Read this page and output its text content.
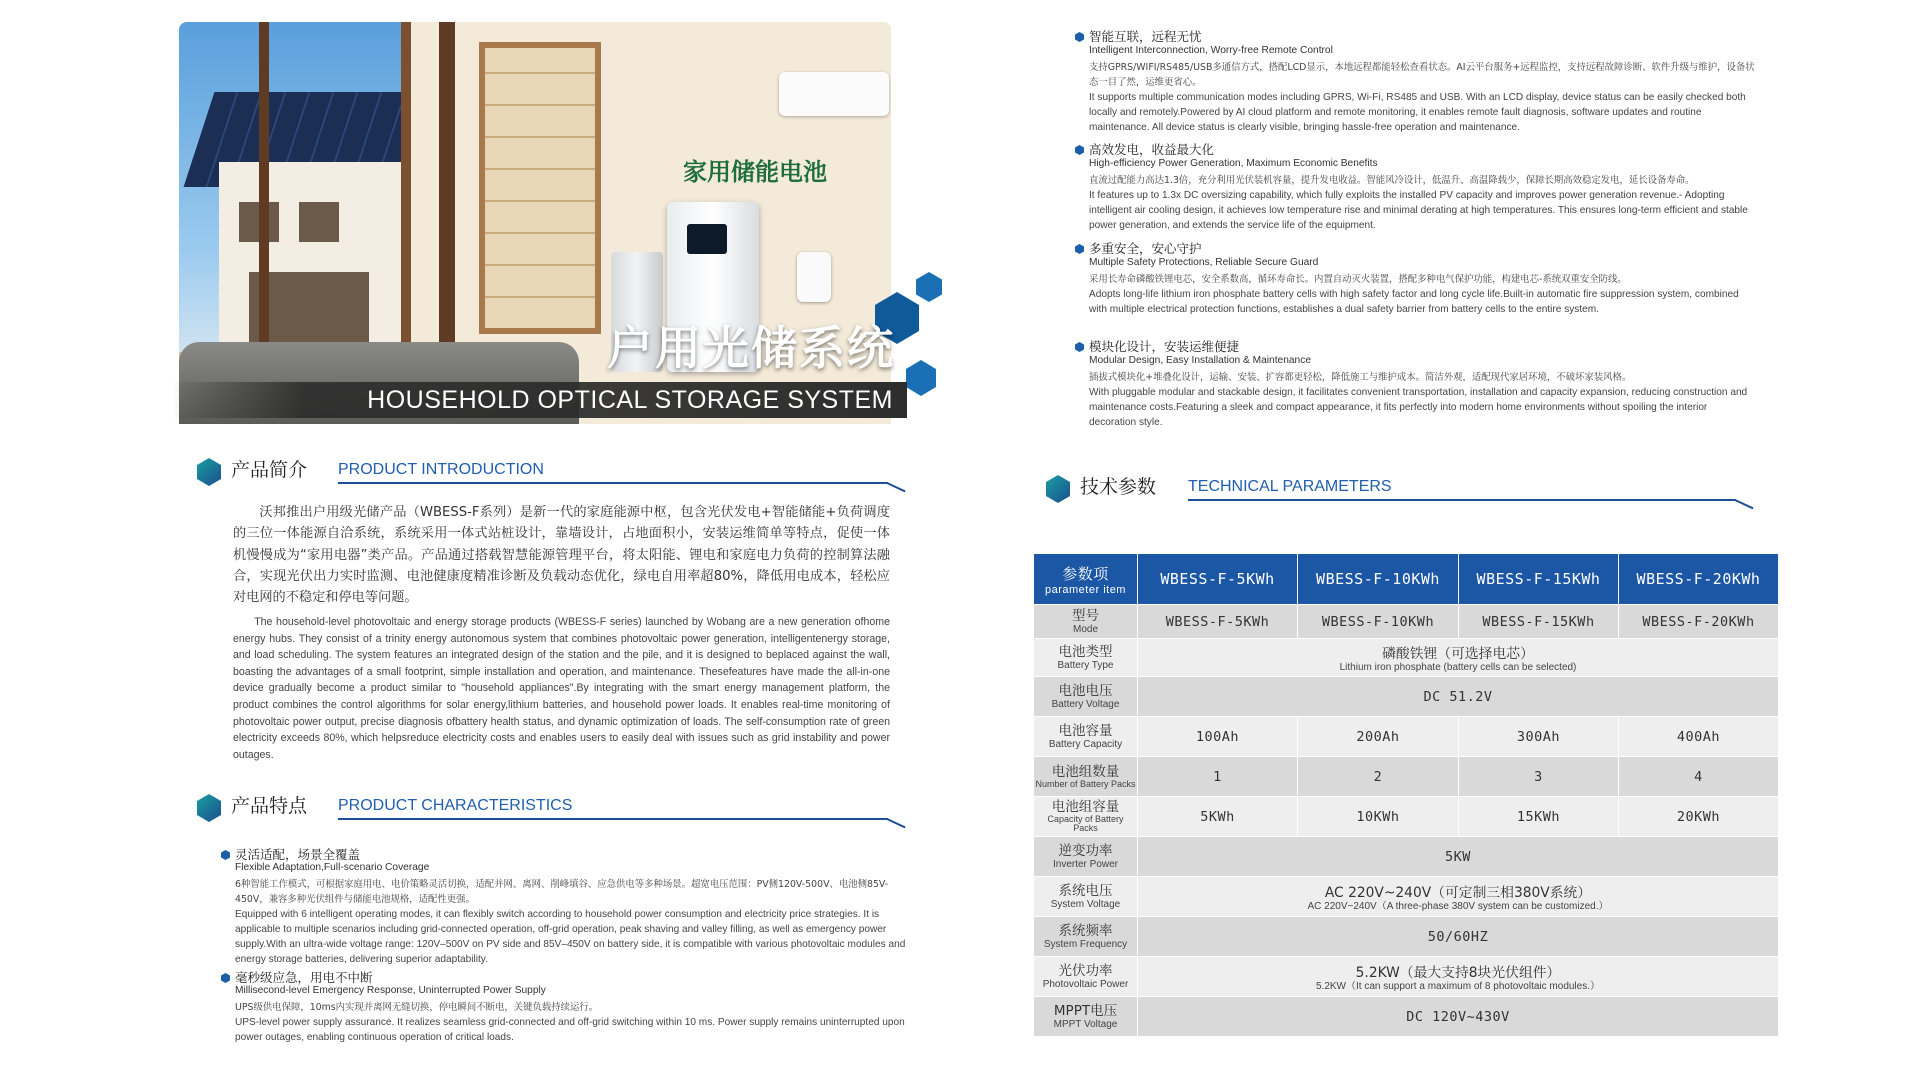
家用储能电池
户用光储系统
HOUSEHOLD OPTICAL STORAGE SYSTEM
产品简介 PRODUCT INTRODUCTION
沃邦推出户用级光储产品（WBESS-F系列）是新一代的家庭能源中枢，包含光伏发电+智能储能+负荷调度的三位一体能源自洽系统，系统采用一体式站桩设计，靠墙设计，占地面积小，安装运维简单等特点，促使一体机慢慢成为“家用电器”类产品。产品通过搭载智慧能源管理平台，将太阳能、锂电和家庭电力负荷的控制算法融合，实现光伏出力实时监测、电池健康度精准诊断及负载动态优化，绿电自用率超80%，降低用电成本，轻松应对电网的不稳定和停电等问题。
The household-level photovoltaic and energy storage products (WBESS-F series) launched by Wobang are a new generation ofhome energy hubs. They consist of a trinity energy autonomous system that combines photovoltaic power generation, intelligentenergy storage, and load scheduling. The system features an integrated design of the station and the pile, and it is designed to beplaced against the wall, boasting the advantages of a small footprint, simple installation and operation, and maintenance. Thesefeatures have made the all-in-one device gradually become a product similar to "household appliances".By integrating with the smart energy management platform, the product combines the control algorithms for solar energy,lithium batteries, and household power loads. It enables real-time monitoring of photovoltaic power output, precise diagnosis ofbattery health status, and dynamic optimization of loads. The self-consumption rate of green electricity exceeds 80%, which helpsreduce electricity costs and enables users to easily deal with issues such as grid instability and power outages.
产品特点 PRODUCT CHARACTERISTICS
灵活适配，场景全覆盖
Flexible Adaptation,Full-scenario Coverage
6种智能工作模式，可根据家庭用电、电价策略灵活切换，适配并网、离网、削峰填谷、应急供电等多种场景。超宽电压范围：PV侧120V-500V、电池侧85V-450V，兼容多种光伏组件与储能电池规格，适配性更强。
Equipped with 6 intelligent operating modes, it can flexibly switch according to household power consumption and electricity price strategies. It is applicable to multiple scenarios including grid-connected operation, off-grid operation, peak shaving and valley filling, as well as emergency power supply.With an ultra-wide voltage range: 120V–500V on PV side and 85V–450V on battery side, it is compatible with various photovoltaic modules and energy storage batteries, delivering superior adaptability.
毫秒级应急，用电不中断
Millisecond-level Emergency Response, Uninterrupted Power Supply
UPS级供电保障，10ms内实现并离网无缝切换，停电瞬间不断电，关键负载持续运行。
UPS-level power supply assurance. It realizes seamless grid-connected and off-grid switching within 10 ms. Power supply remains uninterrupted upon power outages, enabling continuous operation of critical loads.
智能互联，远程无忧
Intelligent Interconnection, Worry-free Remote Control
支持GPRS/WIFI/RS485/USB多通信方式，搭配LCD显示，本地远程都能轻松查看状态。AI云平台服务+远程监控，支持远程故障诊断、软件升级与维护，设备状态一目了然，运维更省心。
It supports multiple communication modes including GPRS, Wi-Fi, RS485 and USB. With an LCD display, device status can be easily checked both locally and remotely.Powered by AI cloud platform and remote monitoring, it enables remote fault diagnosis, software updates and routine maintenance. All device status is clearly visible, bringing hassle-free operation and maintenance.
高效发电，收益最大化
High-efficiency Power Generation, Maximum Economic Benefits
直流过配能力高达1.3倍，充分利用光伏装机容量，提升发电收益。智能风冷设计，低温升、高温降载少，保障长期高效稳定发电，延长设备寿命。
It features up to 1.3x DC oversizing capability, which fully exploits the installed PV capacity and improves power generation revenue.- Adopting intelligent air cooling design, it achieves low temperature rise and minimal derating at high temperatures. This ensures long-term efficient and stable power generation, and extends the service life of the equipment.
多重安全，安心守护
Multiple Safety Protections, Reliable Secure Guard
采用长寿命磷酸铁锂电芯，安全系数高，循环寿命长。内置自动灭火装置，搭配多种电气保护功能，构建电芯-系统双重安全防线。
Adopts long-life lithium iron phosphate battery cells with high safety factor and long cycle life.Built-in automatic fire suppression system, combined with multiple electrical protection functions, establishes a dual safety barrier from battery cells to the entire system.
模块化设计，安装运维便捷
Modular Design, Easy Installation & Maintenance
插拔式模块化+堆叠化设计，运输、安装、扩容都更轻松，降低施工与维护成本。简洁外观，适配现代家居环境，不破坏家装风格。
With pluggable modular and stackable design, it facilitates convenient transportation, installation and capacity expansion, reducing construction and maintenance costs.Featuring a sleek and compact appearance, it fits perfectly into modern home environments without spoiling the interior decoration style.
技术参数 TECHNICAL PARAMETERS
参数项
parameter item	WBESS-F-5KWh	WBESS-F-10KWh	WBESS-F-15KWh	WBESS-F-20KWh

型号
Mode	WBESS-F-5KWh	WBESS-F-10KWh	WBESS-F-15KWh	WBESS-F-20KWh

电池类型
Battery Type	磷酸铁锂（可选择电芯）
Lithium iron phosphate (battery cells can be selected)			

电池电压
Battery Voltage	DC 51.2V			

电池容量
Battery Capacity	100Ah	200Ah	300Ah	400Ah

电池组数量
Number of Battery Packs	1	2	3	4

电池组容量
Capacity of Battery Packs	5KWh	10KWh	15KWh	20KWh

逆变功率
Inverter Power	5KW			

系统电压
System Voltage	AC 220V~240V（可定制三相380V系统）
AC 220V~240V（A three-phase 380V system can be customized.）			

系统频率
System Frequency	50/60HZ			

光伏功率
Photovoltaic Power	5.2KW（最大支持8块光伏组件）
5.2KW（It can support a maximum of 8 photovoltaic modules.）			

MPPT电压
MPPT Voltage	DC 120V~430V			
